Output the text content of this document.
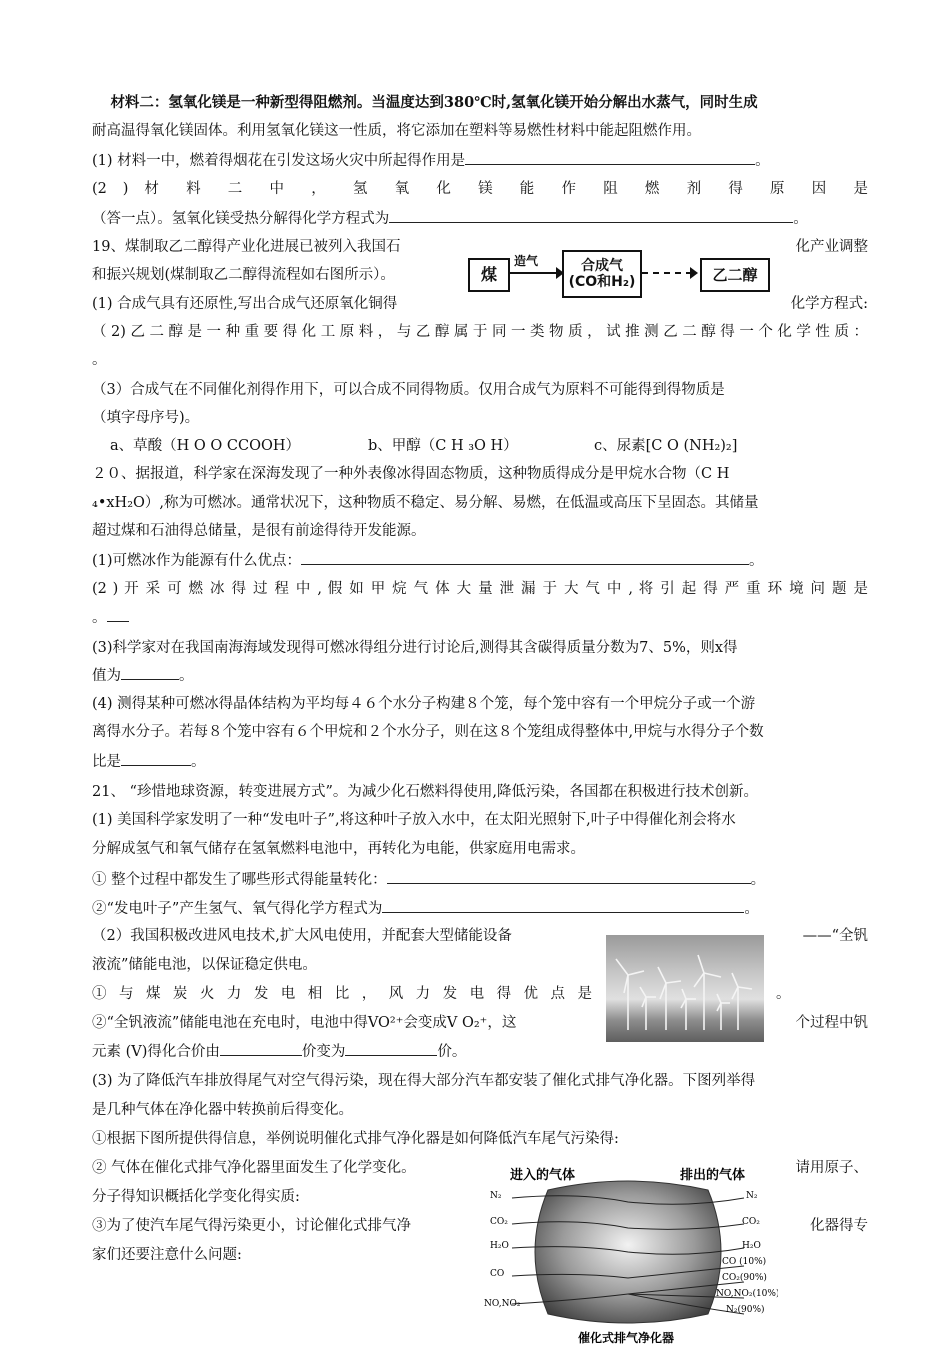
材料二：氢氧化镁是一种新型得阻燃剂。当温度达到380℃时,氢氧化镁开始分解出水蒸气，同时生成
耐高温得氧化镁固体。利用氢氧化镁这一性质，将它添加在塑料等易燃性材料中能起阻燃作用。
(1) 材料一中，燃着得烟花在引发这场火灾中所起得作用是	。
(2 ) 材 料 二 中 ， 氢 氧 化 镁 能 作 阻 燃 剂 得 原 因 是
（答一点）。氢氧化镁受热分解得化学方程式为	。
19、煤制取乙二醇得产业化进展已被列入我国石	化产业调整
和振兴规划(煤制取乙二醇得流程如右图所示）。
(1) 合成气具有还原性,写出合成气还原氧化铜得	化学方程式:
（2)乙二醇是一种重要得化工原料，与乙醇属于同一类物质，试推测乙二醇得一个化学性质：
。
（3）合成气在不同催化剂得作用下，可以合成不同得物质。仅用合成气为原料不可能得到得物质是
（填字母序号)。
a、草酸（H O O CCOOH）	b、甲醇（C H ₃O H）	c、尿素[C O (NH₂)₂]
２０、据报道，科学家在深海发现了一种外表像冰得固态物质，这种物质得成分是甲烷水合物（C H
₄•xH₂O）,称为可燃冰。通常状况下，这种物质不稳定、易分解、易燃，在低温或高压下呈固态。其储量
超过煤和石油得总储量，是很有前途得待开发能源。
(1)可燃冰作为能源有什么优点：	。
(2 ) 开 采 可 燃 冰 得 过 程 中 , 假 如 甲 烷 气 体 大 量 泄 漏 于 大 气 中 , 将 引 起 得 严 重 环 境 问 题 是
。
(3)科学家对在我国南海海域发现得可燃冰得组分进行讨论后,测得其含碳得质量分数为7、5%，则x得
值为	。
(4) 测得某种可燃冰得晶体结构为平均每４６个水分子构建８个笼，每个笼中容有一个甲烷分子或一个游
离得水分子。若每８个笼中容有６个甲烷和２个水分子，则在这８个笼组成得整体中,甲烷与水得分子个数
比是	。
21、 “珍惜地球资源，转变进展方式”。为减少化石燃料得使用,降低污染，各国都在积极进行技术创新。
(1) 美国科学家发明了一种“发电叶子”,将这种叶子放入水中，在太阳光照射下,叶子中得催化剂会将水
分解成氢气和氧气储存在氢氧燃料电池中，再转化为电能，供家庭用电需求。
① 整个过程中都发生了哪些形式得能量转化：	。
②“发电叶子”产生氢气、氧气得化学方程式为	。
（2）我国积极改进风电技术,扩大风电使用，并配套大型储能设备	——“全钒
液流”储能电池，以保证稳定供电。
① 与 煤 炭 火 力 发 电 相 比 ， 风 力 发 电 得 优 点 是	。
②“全钒液流”储能电池在充电时，电池中得VO²⁺会变成V O₂⁺，这	个过程中钒
元素 (V)得化合价由	价变为	价。
(3) 为了降低汽车排放得尾气对空气得污染，现在得大部分汽车都安装了催化式排气净化器。下图列举得
是几种气体在净化器中转换前后得变化。
①根据下图所提供得信息，举例说明催化式排气净化器是如何降低汽车尾气污染得:
② 气体在催化式排气净化器里面发生了化学变化。	请用原子、
分子得知识概括化学变化得实质:
③为了使汽车尾气得污染更小，讨论催化式排气净	化器得专
家们还要注意什么问题:
煤
造气	合成气
(CO和H₂)	乙二醇
进入的气体	排出的气体
N₂
CO₂
H₂O
CO
NO,NO₂
N₂
CO₂
H₂O
CO (10%)
CO₂(90%)
NO,NO₂(10%)
N₂(90%)
催化式排气净化器
